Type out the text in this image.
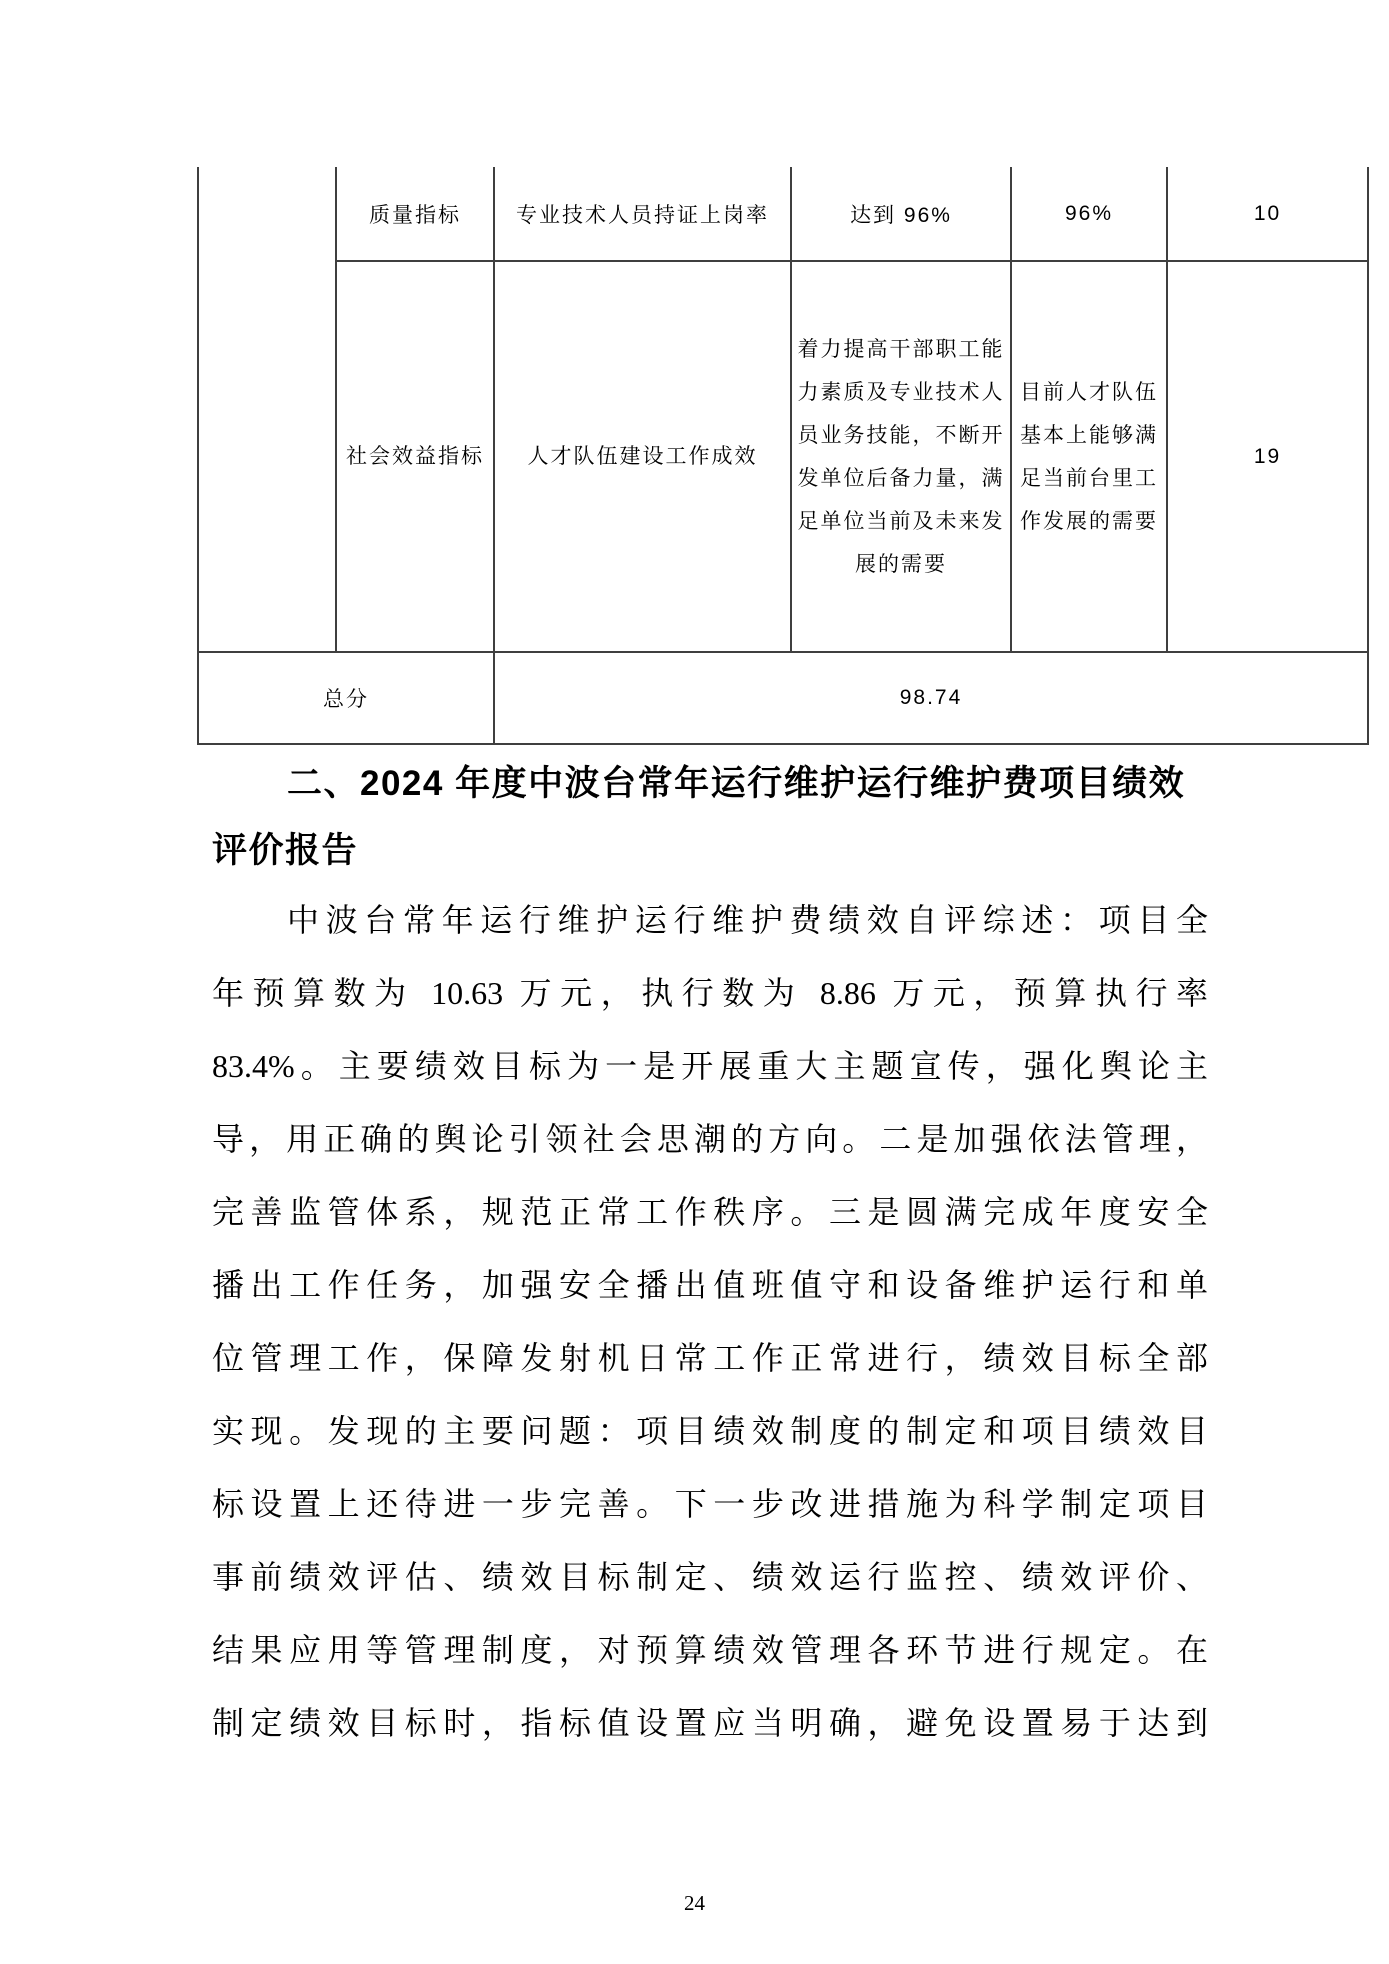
	质量指标	专业技术人员持证上岗率	达到 96%	96%	10
	社会效益指标	人才队伍建设工作成效	着力提高干部职工能力素质及专业技术人员业务技能，不断开发单位后备力量，满足单位当前及未来发展的需要	目前人才队伍基本上能够满足当前台里工作发展的需要	19
总分		98.74			
二、2024 年度中波台常年运行维护运行维护费项目绩效
评价报告
中波台常年运行维护运行维护费绩效自评综述：项目全
年预算数为 10.63 万元，执行数为 8.86 万元，预算执行率
83.4%。主要绩效目标为一是开展重大主题宣传，强化舆论主
导，用正确的舆论引领社会思潮的方向。二是加强依法管理，
完善监管体系，规范正常工作秩序。三是圆满完成年度安全
播出工作任务，加强安全播出值班值守和设备维护运行和单
位管理工作，保障发射机日常工作正常进行，绩效目标全部
实现。发现的主要问题：项目绩效制度的制定和项目绩效目
标设置上还待进一步完善。下一步改进措施为科学制定项目
事前绩效评估、绩效目标制定、绩效运行监控、绩效评价、
结果应用等管理制度，对预算绩效管理各环节进行规定。在
制定绩效目标时，指标值设置应当明确，避免设置易于达到
24
